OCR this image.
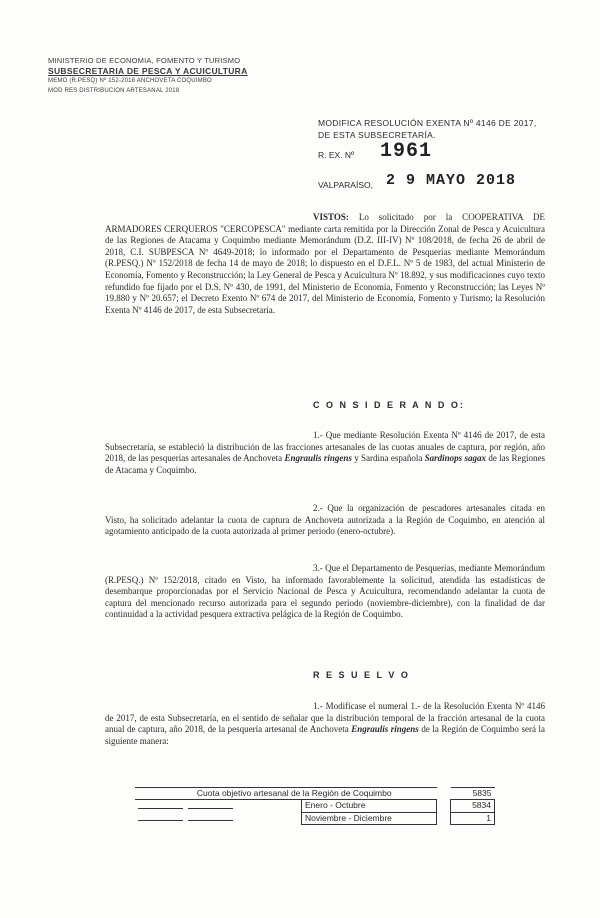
MINISTERIO DE ECONOMIA, FOMENTO Y TURISMO
SUBSECRETARIA DE PESCA Y ACUICULTURA
MEMO (R.PESQ) Nº 152-2018 ANCHOVETA COQUIMBO
MOD RES DISTRIBUCION ARTESANAL 2018
MODIFICA RESOLUCIÓN EXENTA Nº 4146 DE 2017,
DE ESTA SUBSECRETARÍA.
R. EX. Nº 1961
VALPARAÍSO, 2 9 MAYO 2018
VISTOS: Lo solicitado por la COOPERATIVA DE ARMADORES CERQUEROS "CERCOPESCA" mediante carta remitida por la Dirección Zonal de Pesca y Acuicultura de las Regiones de Atacama y Coquimbo mediante Memorándum (D.Z. III-IV) Nº 108/2018, de fecha 26 de abril de 2018, C.I. SUBPESCA Nº 4649-2018; lo informado por el Departamento de Pesquerías mediante Memorándum (R.PESQ.) Nº 152/2018 de fecha 14 de mayo de 2018; lo dispuesto en el D.F.L. Nº 5 de 1983, del actual Ministerio de Economía, Fomento y Reconstrucción; la Ley General de Pesca y Acuicultura Nº 18.892, y sus modificaciones cuyo texto refundido fue fijado por el D.S. Nº 430, de 1991, del Ministerio de Economía, Fomento y Reconstrucción; las Leyes Nº 19.880 y Nº 20.657; el Decreto Exento Nº 674 de 2017, del Ministerio de Economía, Fomento y Turismo; la Resolución Exenta Nº 4146 de 2017, de esta Subsecretaría.
C O N S I D E R A N D O:
1.- Que mediante Resolución Exenta Nº 4146 de 2017, de esta Subsecretaría, se estableció la distribución de las fracciones artesanales de las cuotas anuales de captura, por región, año 2018, de las pesquerías artesanales de Anchoveta Engraulis ringens y Sardina española Sardinops sagax de las Regiones de Atacama y Coquimbo.
2.- Que la organización de pescadores artesanales citada en Visto, ha solicitado adelantar la cuota de captura de Anchoveta autorizada a la Región de Coquimbo, en atención al agotamiento anticipado de la cuota autorizada al primer periodo (enero-octubre).
3.- Que el Departamento de Pesquerías, mediante Memorándum (R.PESQ.) Nº 152/2018, citado en Visto, ha informado favorablemente la solicitud, atendida las estadísticas de desembarque proporcionadas por el Servicio Nacional de Pesca y Acuicultura, recomendando adelantar la cuota de captura del mencionado recurso autorizada para el segundo periodo (noviembre-diciembre), con la finalidad de dar continuidad a la actividad pesquera extractiva pelágica de la Región de Coquimbo.
R E S U E L V O
1.- Modifícase el numeral 1.- de la Resolución Exenta Nº 4146 de 2017, de esta Subsecretaría, en el sentido de señalar que la distribución temporal de la fracción artesanal de la cuota anual de captura, año 2018, de la pesquería artesanal de Anchoveta Engraulis ringens de la Región de Coquimbo será la siguiente manera:
Cuota objetivo artesanal de la Región de Coquimbo			5835
	Enero - Octubre		5834
	Noviembre - Diciembre		1
